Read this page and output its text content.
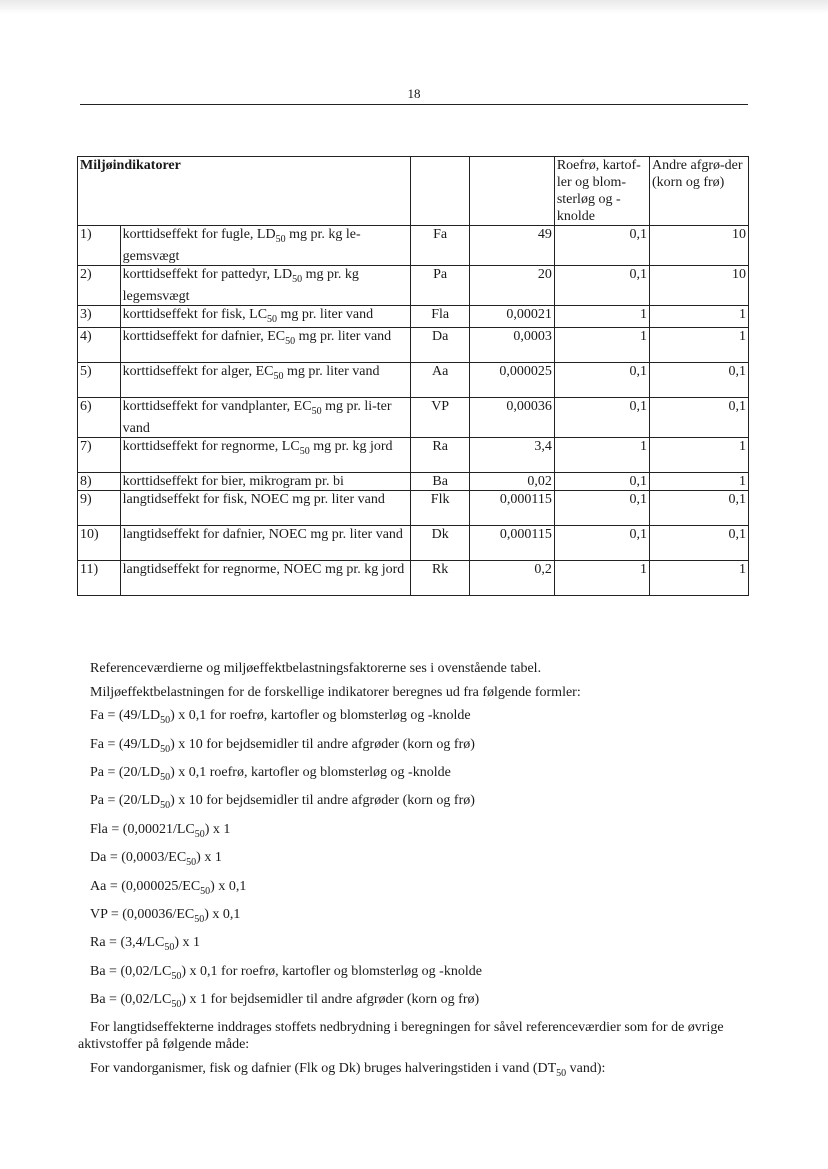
18
Miljøindikatorer				Roefrø, kartof-ler og blom-sterløg og -knolde	Andre afgrø-der (korn og frø)
1)	korttidseffekt for fugle, $LD_{50}$ mg pr. kg le-gemsvægt	Fa	49	0,1	10
2)	korttidseffekt for pattedyr, $LD_{50}$ mg pr. kg legemsvægt	Pa	20	0,1	10
3)	korttidseffekt for fisk, $LC_{50}$ mg pr. liter vand	Fla	0,00021	1	1
4)	korttidseffekt for dafnier, $EC_{50}$ mg pr. liter vand	Da	0,0003	1	1
5)	korttidseffekt for alger, $EC_{50}$ mg pr. liter vand	Aa	0,000025	0,1	0,1
6)	korttidseffekt for vandplanter, $EC_{50}$ mg pr. li-ter vand	VP	0,00036	0,1	0,1
7)	korttidseffekt for regnorme, $LC_{50}$ mg pr. kg jord	Ra	3,4	1	1
8)	korttidseffekt for bier, mikrogram pr. bi	Ba	0,02	0,1	1
9)	langtidseffekt for fisk, NOEC mg pr. liter vand	Flk	0,000115	0,1	0,1
10)	langtidseffekt for dafnier, NOEC mg pr. liter vand	Dk	0,000115	0,1	0,1
11)	langtidseffekt for regnorme, NOEC mg pr. kg jord	Rk	0,2	1	1

Referenceværdierne og miljøeffektbelastningsfaktorerne ses i ovenstående tabel.

Miljøeffektbelastningen for de forskellige indikatorer beregnes ud fra følgende formler:

$Fa = (49/LD_{50})$ x 0,1 for roefrø, kartofler og blomsterløg og -knolde

$Fa = (49/LD_{50})$ x 10 for bejdsemidler til andre afgrøder (korn og frø)

$Pa = (20/LD_{50})$ x 0,1 roefrø, kartofler og blomsterløg og -knolde

$Pa = (20/LD_{50})$ x 10 for bejdsemidler til andre afgrøder (korn og frø)

Fla = $(0,00021/LC_{50})$ x 1

$Da = (0,0003/EC_{50})$ x 1

$Aa = (0,000025/EC_{50})$ x 0,1

VP = $(0,00036/EC_{50})$ x 0,1

$Ra = (3,4/LC_{50})$ x 1

$Ba = (0,02/LC_{50})$ x 0,1 for roefrø, kartofler og blomsterløg og -knolde

$Ba = (0,02/LC_{50})$ x 1 for bejdsemidler til andre afgrøder (korn og frø)

For langtidseffekterne inddrages stoffets nedbrydning i beregningen for såvel referenceværdier som for de øvrige aktivstoffer på følgende måde:

For vandorganismer, fisk og dafnier (Flk og Dk) bruges halveringstiden i vand ($DT_{50}$ vand):
